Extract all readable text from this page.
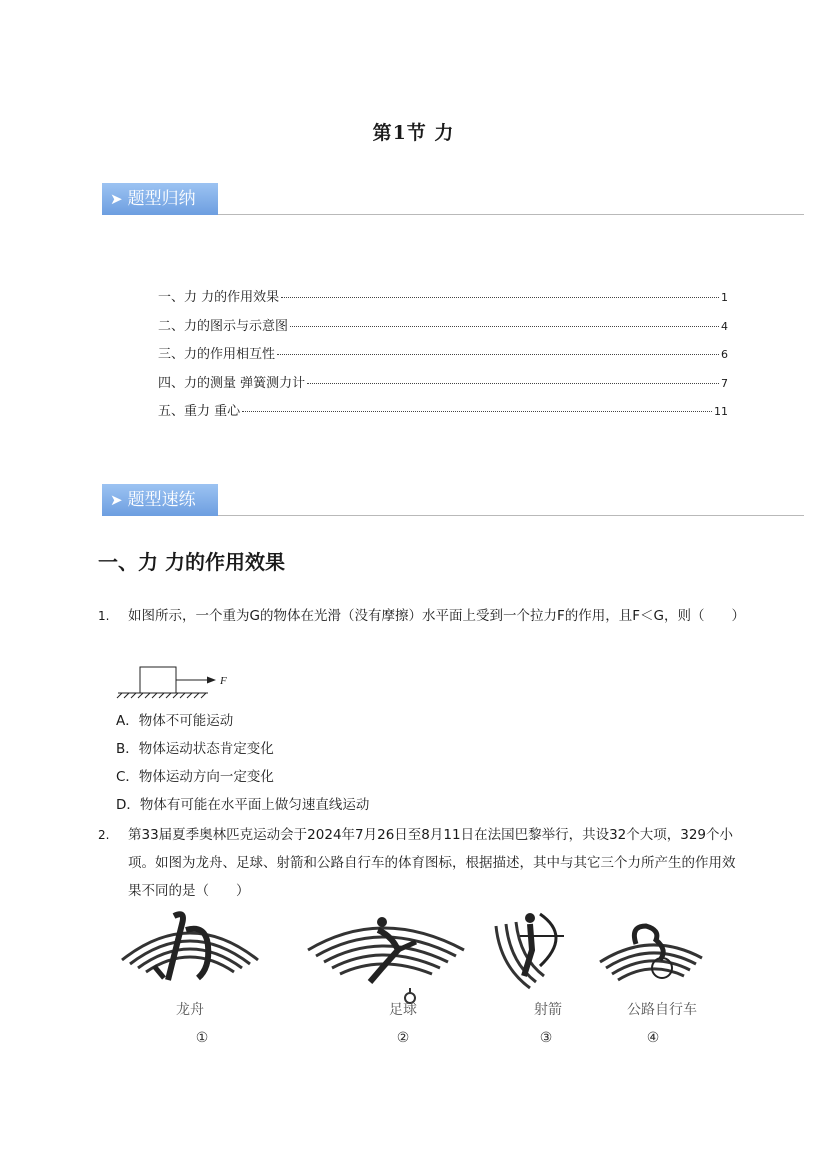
第1节 力
➤ 题型归纳
一、力 力的作用效果	1
二、力的图示与示意图	4
三、力的作用相互性	6
四、力的测量 弹簧测力计	7
五、重力 重心	11
➤ 题型速练
一、力 力的作用效果
1. 如图所示，一个重为G的物体在光滑（没有摩擦）水平面上受到一个拉力F的作用，且F＜G，则（　　）
F
A．物体不可能运动
B．物体运动状态肯定变化
C．物体运动方向一定变化
D．物体有可能在水平面上做匀速直线运动
2. 第33届夏季奥林匹克运动会于2024年7月26日至8月11日在法国巴黎举行，共设32个大项，329个小项。如图为龙舟、足球、射箭和公路自行车的体育图标，根据描述，其中与其它三个力所产生的作用效果不同的是（　　）
龙舟
①
足球
②
射箭
③
公路自行车
④
